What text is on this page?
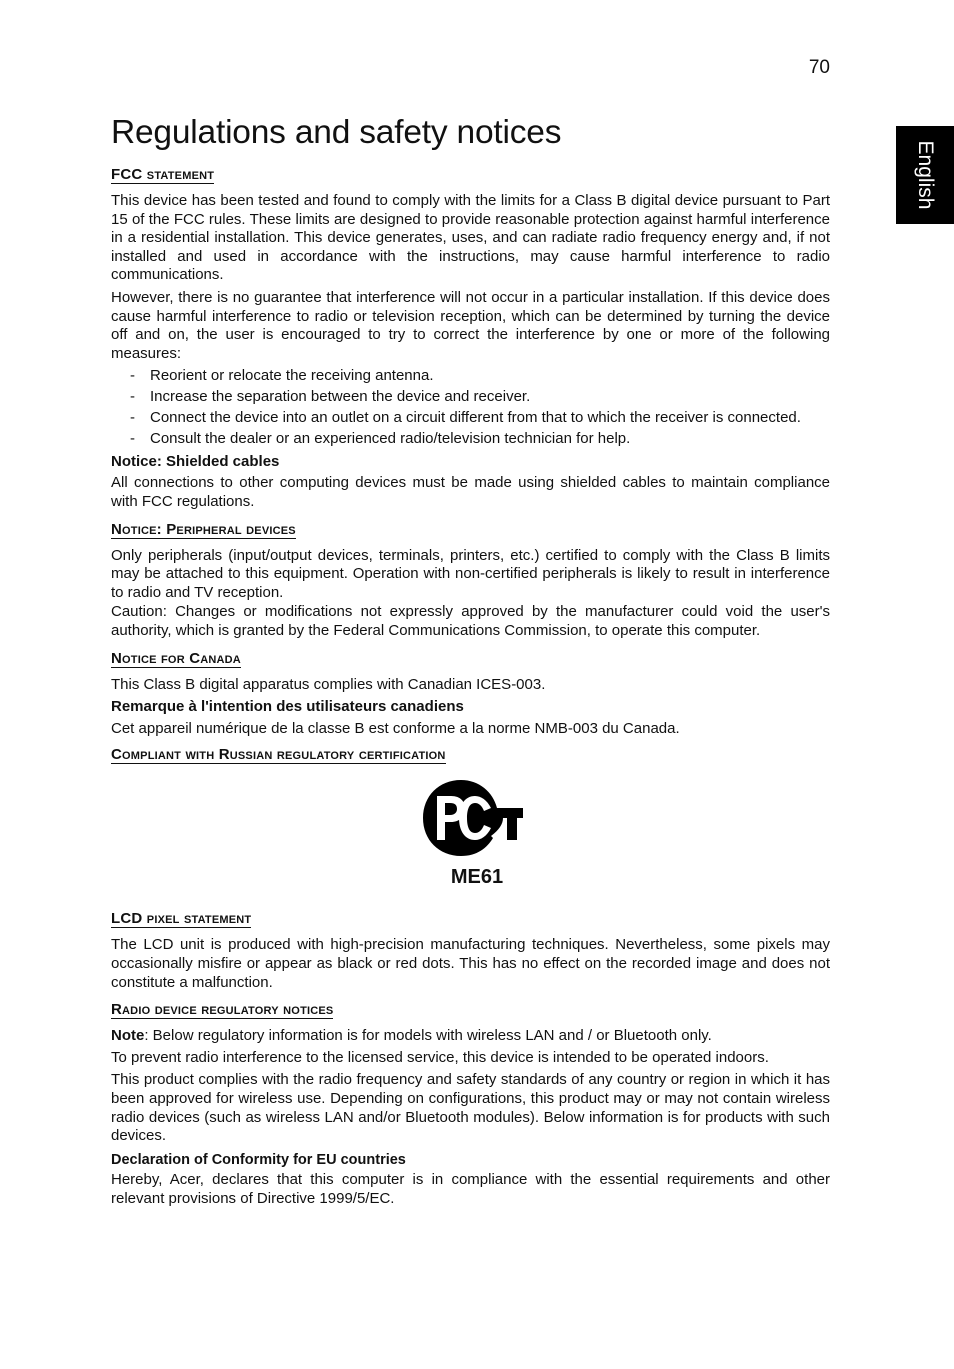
70
English
Regulations and safety notices
FCC statement

This device has been tested and found to comply with the limits for a Class B digital device pursuant to Part 15 of the FCC rules. These limits are designed to provide reasonable protection against harmful interference in a residential installation. This device generates, uses, and can radiate radio frequency energy and, if not installed and used in accordance with the instructions, may cause harmful interference to radio communications.

However, there is no guarantee that interference will not occur in a particular installation. If this device does cause harmful interference to radio or television reception, which can be determined by turning the device off and on, the user is encouraged to try to correct the interference by one or more of the following measures:

- Reorient or relocate the receiving antenna.
- Increase the separation between the device and receiver.
- Connect the device into an outlet on a circuit different from that to which the receiver is connected.
- Consult the dealer or an experienced radio/television technician for help.

Notice: Shielded cables

All connections to other computing devices must be made using shielded cables to maintain compliance with FCC regulations.

Notice: Peripheral devices

Only peripherals (input/output devices, terminals, printers, etc.) certified to comply with the Class B limits may be attached to this equipment. Operation with non-certified peripherals is likely to result in interference to radio and TV reception.

Caution: Changes or modifications not expressly approved by the manufacturer could void the user's authority, which is granted by the Federal Communications Commission, to operate this computer.

Notice for Canada

This Class B digital apparatus complies with Canadian ICES-003.

Remarque à l'intention des utilisateurs canadiens

Cet appareil numérique de la classe B est conforme a la norme NMB-003 du Canada.

Compliant with Russian regulatory certification
ME61
LCD pixel statement

The LCD unit is produced with high-precision manufacturing techniques. Nevertheless, some pixels may occasionally misfire or appear as black or red dots. This has no effect on the recorded image and does not constitute a malfunction.

Radio device regulatory notices

Note: Below regulatory information is for models with wireless LAN and / or Bluetooth only.

To prevent radio interference to the licensed service, this device is intended to be operated indoors.

This product complies with the radio frequency and safety standards of any country or region in which it has been approved for wireless use. Depending on configurations, this product may or may not contain wireless radio devices (such as wireless LAN and/or Bluetooth modules). Below information is for products with such devices.

Declaration of Conformity for EU countries

Hereby, Acer, declares that this computer is in compliance with the essential requirements and other relevant provisions of Directive 1999/5/EC.
